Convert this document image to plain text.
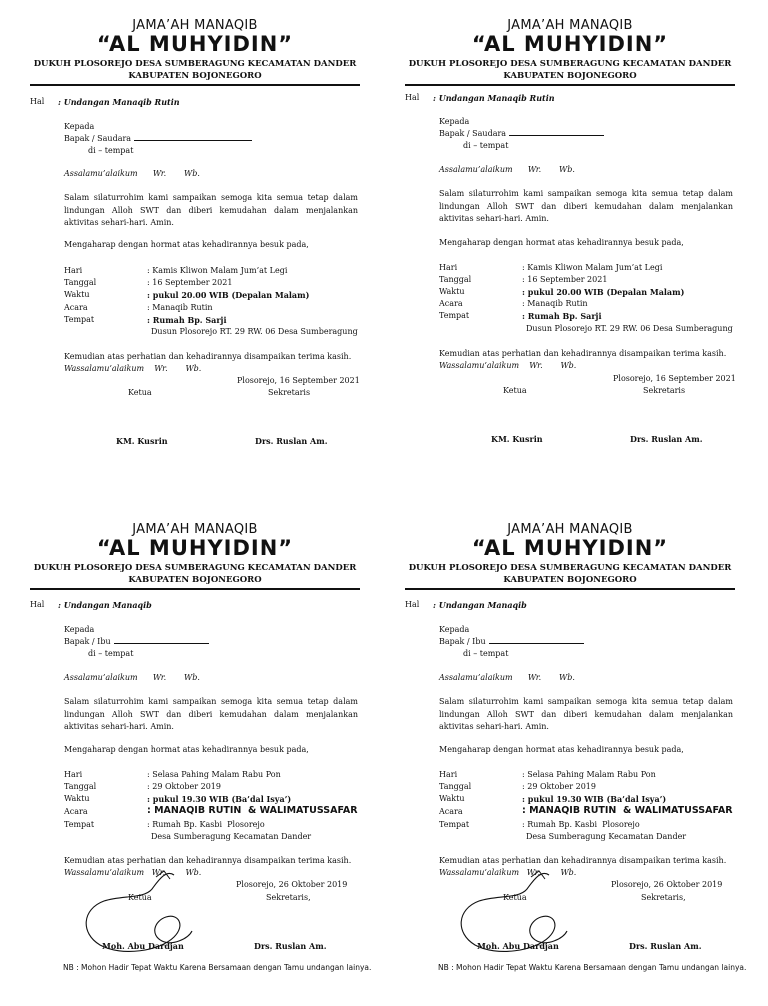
JAMA’AH MANAQIB
“AL MUHYIDIN”
DUKUH PLOSOREJO DESA SUMBERAGUNG KECAMATAN DANDER
KABUPATEN BOJONEGORO
Hal : Undangan Manaqib Rutin
Kepada
Bapak / Saudara
di – tempat
Assalamu’alaikum      Wr.       Wb.
Salam silaturrohim kami sampaikan semoga kita semua tetap dalam lindungan Alloh SWT dan diberi kemudahan dalam menjalankan aktivitas sehari-hari. Amin.
Mengaharap dengan hormat atas kehadirannya besuk pada,
Hari	: Kamis Kliwon Malam Jum’at Legi
Tanggal	: 16 September 2021
Waktu	: pukul 20.00 WIB (Depalan Malam)
Acara	: Manaqib Rutin
Tempat	: Rumah Bp. Sarji
Dusun Plosorejo RT. 29 RW. 06 Desa Sumberagung
Kemudian atas perhatian dan kehadirannya disampaikan terima kasih.
Wassalamu’alaikum    Wr.       Wb.
Plosorejo, 16 September 2021
Ketua	Sekretaris
KM. Kusrin	Drs. Ruslan Am.
JAMA’AH MANAQIB
“AL MUHYIDIN”
DUKUH PLOSOREJO DESA SUMBERAGUNG KECAMATAN DANDER
KABUPATEN BOJONEGORO
Hal : Undangan Manaqib Rutin
Kepada
Bapak / Saudara
di – tempat
Assalamu’alaikum      Wr.       Wb.
Salam silaturrohim kami sampaikan semoga kita semua tetap dalam lindungan Alloh SWT dan diberi kemudahan dalam menjalankan aktivitas sehari-hari. Amin.
Mengaharap dengan hormat atas kehadirannya besuk pada,
Hari	: Kamis Kliwon Malam Jum’at Legi
Tanggal	: 16 September 2021
Waktu	: pukul 20.00 WIB (Depalan Malam)
Acara	: Manaqib Rutin
Tempat	: Rumah Bp. Sarji
Dusun Plosorejo RT. 29 RW. 06 Desa Sumberagung
Kemudian atas perhatian dan kehadirannya disampaikan terima kasih.
Wassalamu’alaikum    Wr.       Wb.
Plosorejo, 16 September 2021
Ketua	Sekretaris
KM. Kusrin	Drs. Ruslan Am.
JAMA’AH MANAQIB
“AL MUHYIDIN”
DUKUH PLOSOREJO DESA SUMBERAGUNG KECAMATAN DANDER
KABUPATEN BOJONEGORO
Hal : Undangan Manaqib
Kepada
Bapak / Ibu
di – tempat
Assalamu’alaikum      Wr.       Wb.
Salam silaturrohim kami sampaikan semoga kita semua tetap dalam lindungan Alloh SWT dan diberi kemudahan dalam menjalankan aktivitas sehari-hari. Amin.
Mengaharap dengan hormat atas kehadirannya besuk pada,
Hari	: Selasa Pahing Malam Rabu Pon
Tanggal	: 29 Oktober 2019
Waktu	: pukul 19.30 WIB (Ba’dal Isya’)
Acara	: MANAQIB RUTIN  & WALIMATUSSAFAR
Tempat	: Rumah Bp. Kasbi  Plosorejo
Desa Sumberagung Kecamatan Dander
Kemudian atas perhatian dan kehadirannya disampaikan terima kasih.
Wassalamu’alaikum   Wr.        Wb.
Plosorejo, 26 Oktober 2019
Ketua	Sekretaris,
Moh. Abu Dardjan	Drs. Ruslan Am.
NB : Mohon Hadir Tepat Waktu Karena Bersamaan dengan Tamu undangan lainya.
JAMA’AH MANAQIB
“AL MUHYIDIN”
DUKUH PLOSOREJO DESA SUMBERAGUNG KECAMATAN DANDER
KABUPATEN BOJONEGORO
Hal : Undangan Manaqib
Kepada
Bapak / Ibu
di – tempat
Assalamu’alaikum      Wr.       Wb.
Salam silaturrohim kami sampaikan semoga kita semua tetap dalam lindungan Alloh SWT dan diberi kemudahan dalam menjalankan aktivitas sehari-hari. Amin.
Mengaharap dengan hormat atas kehadirannya besuk pada,
Hari	: Selasa Pahing Malam Rabu Pon
Tanggal	: 29 Oktober 2019
Waktu	: pukul 19.30 WIB (Ba’dal Isya’)
Acara	: MANAQIB RUTIN  & WALIMATUSSAFAR
Tempat	: Rumah Bp. Kasbi  Plosorejo
Desa Sumberagung Kecamatan Dander
Kemudian atas perhatian dan kehadirannya disampaikan terima kasih.
Wassalamu’alaikum   Wr.        Wb.
Plosorejo, 26 Oktober 2019
Ketua	Sekretaris,
Moh. Abu Dardjan	Drs. Ruslan Am.
NB : Mohon Hadir Tepat Waktu Karena Bersamaan dengan Tamu undangan lainya.
